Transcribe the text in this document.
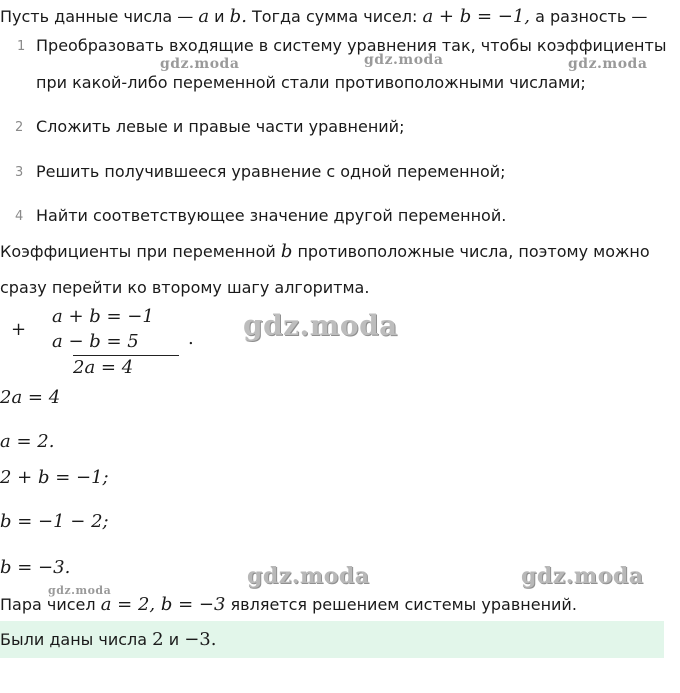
Пусть данные числа — a и b. Тогда сумма чисел: a + b = −1, а разность —
1 Преобразовать входящие в систему уравнения так, чтобы коэффициенты
при какой-либо переменной стали противоположными числами;
2 Сложить левые и правые части уравнений;
3 Решить получившееся уравнение с одной переменной;
4 Найти соответствующее значение другой переменной.
Коэффициенты при переменной b противоположные числа, поэтому можно
сразу перейти ко второму шагу алгоритма.
+
a + b = −1
a − b = 5
2a = 4
.
2a = 4
a = 2.
2 + b = −1;
b = −1 − 2;
b = −3.
Пара чисел a = 2, b = −3 является решением системы уравнений.
Были даны числа 2 и −3.
gdz.moda	gdz.moda	gdz.moda
gdz.moda
gdz.moda	gdz.moda
gdz.moda
